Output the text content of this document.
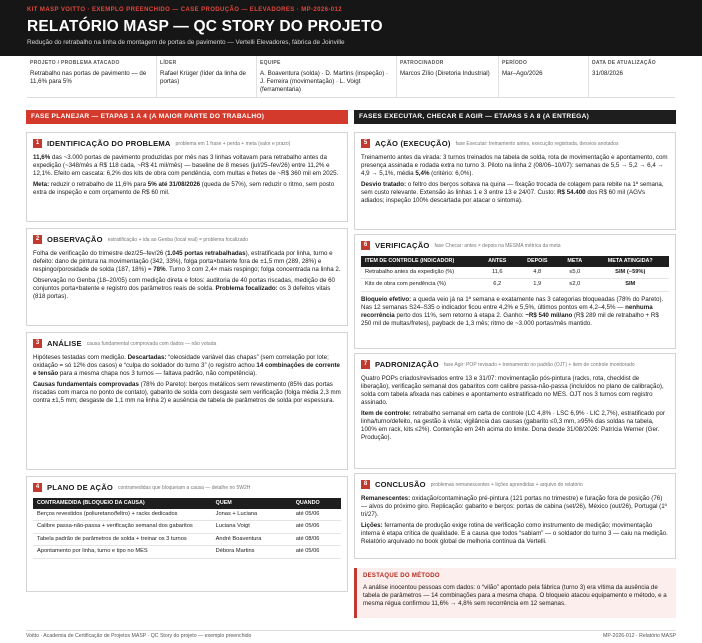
KIT MASP VOITTO · EXEMPLO PREENCHIDO — CASE PRODUÇÃO — ELEVADORES · MP-2026-012
RELATÓRIO MASP — QC STORY DO PROJETO
Redução do retrabalho na linha de montagem de portas de pavimento — Vertelli Elevadores, fábrica de Joinville
PROJETO / PROBLEMA ATACADO
Retrabalho nas portas de pavimento — de 11,6% para 5%
LÍDER
Rafael Krüger (líder da linha de portas)
EQUIPE
A. Boaventura (solda) · D. Martins (inspeção) · J. Ferreira (movimentação) · L. Voigt (ferramentaria)
PATROCINADOR
Marcos Zílio (Diretoria Industrial)
PERÍODO
Mar–Ago/2026
DATA DE ATUALIZAÇÃO
31/08/2026
FASE PLANEJAR — ETAPAS 1 A 4 (A MAIOR PARTE DO TRABALHO)
1	IDENTIFICAÇÃO DO PROBLEMA problema em 1 frase + perda + meta (valor e prazo)

11,6% das ~3.000 portas de pavimento produzidas por mês nas 3 linhas voltavam para retrabalho antes da expedição (~348/mês a R$ 118 cada, ~R$ 41 mil/mês) — baseline de 8 meses (jul/25–fev/26) entre 11,2% e 12,1%. Efeito em cascata: 6,2% dos kits de obra com pendência, com multas e fretes de ~R$ 360 mil em 2025.

Meta: reduzir o retrabalho de 11,6% para 5% até 31/08/2026 (queda de 57%), sem reduzir o ritmo, sem posto extra de inspeção e com orçamento de R$ 60 mil.

2	OBSERVAÇÃO estratificação + ida ao Genba (local real) = problema focalizado

Folha de verificação do trimestre dez/25–fev/26 (1.045 portas retrabalhadas), estratificada por linha, turno e defeito: dano de pintura na movimentação (342, 33%), folga porta×batente fora de ±1,5 mm (289, 28%) e respingo/porosidade de solda (187, 18%) = 78%. Turno 3 com 2,4× mais respingo; folga concentrada na linha 2.

Observação no Genba (18–20/05) com medição direta e fotos: auditoria de 40 portas riscadas, medição de 60 conjuntos porta×batente e registro dos parâmetros reais de solda. Problema focalizado: os 3 defeitos vitais (818 portas).

3	ANÁLISE causa fundamental comprovada com dados — não votada

Hipóteses testadas com medição. Descartadas: “oleosidade variável das chapas” (sem correlação por lote; oxidação = só 12% dos casos) e “culpa do soldador do turno 3” (o registro achou 14 combinações de corrente e tensão para a mesma chapa nos 3 turnos — faltava padrão, não competência).

Causas fundamentais comprovadas (78% do Pareto): berços metálicos sem revestimento (85% das portas riscadas com marca no ponto de contato), gabarito de solda com desgaste sem verificação (folga média 2,3 mm contra ±1,5 mm; desgaste de 1,1 mm na linha 2) e ausência de tabela de parâmetros de solda por espessura.

4	PLANO DE AÇÃO contramedidas que bloqueiam a causa — detalhe no 5W2H
CONTRAMEDIDA (BLOQUEIO DA CAUSA)	QUEM	QUANDO
Berços revestidos (poliuretano/feltro) + racks dedicados	Jonas + Luciana	até 05/06
Calibre passa-não-passa + verificação semanal dos gabaritos	Luciana Voigt	até 05/06
Tabela padrão de parâmetros de solda + treinar os 3 turnos	André Boaventura	até 08/06
Apontamento por linha, turno e tipo no MES	Débora Martins	até 05/06
FASES EXECUTAR, CHECAR E AGIR — ETAPAS 5 A 8 (A ENTREGA)
5	AÇÃO (EXECUÇÃO) fase Executar: treinamento antes, execução registrada, desvios anotados

Treinamento antes da virada: 3 turnos treinados na tabela de solda, rota de movimentação e apontamento, com presença assinada e rodada extra no turno 3. Piloto na linha 2 (08/06–10/07): semanas de 5,5 → 5,2 → 6,4 → 4,9 → 5,1%, média 5,4% (critério: 6,0%).

Desvio tratado: o feltro dos berços soltava na quina — fixação trocada de colagem para rebite na 1ª semana, sem custo relevante. Extensão às linhas 1 e 3 entre 13 e 24/07. Custo: R$ 54.400 dos R$ 60 mil (AGVs adiados; inspeção 100% descartada por atacar o sintoma).

6	VERIFICAÇÃO fase Checar: antes × depois na MESMA métrica da meta
ITEM DE CONTROLE (INDICADOR)	ANTES	DEPOIS	META	META ATINGIDA?
Retrabalho antes da expedição (%)	11,6	4,8	≤5,0	SIM (−59%)
Kits de obra com pendência (%)	6,2	1,9	≤2,0	SIM

Bloqueio efetivo: a queda veio já na 1ª semana e exatamente nas 3 categorias bloqueadas (78% do Pareto). Nas 12 semanas S24–S35 o indicador ficou entre 4,2% e 5,5%, últimos pontos em 4,2–4,5% — nenhuma recorrência perto dos 11%, sem retorno à etapa 2. Ganho: ~R$ 540 mil/ano (R$ 289 mil de retrabalho + R$ 250 mil de multas/fretes), payback de 1,3 mês; ritmo de ~3.000 portas/mês mantido.

7	PADRONIZAÇÃO fase Agir: POP revisado + treinamento no padrão (OJT) + item de controle monitorado

Quatro POPs criados/revisados entre 13 e 31/07: movimentação pós-pintura (racks, rota, checklist de liberação), verificação semanal dos gabaritos com calibre passa-não-passa (incluídos no plano de calibração), solda com tabela afixada nas cabines e apontamento estratificado no MES. OJT nos 3 turnos com registro assinado.

Item de controle: retrabalho semanal em carta de controle (LC 4,8% · LSC 6,9% · LIC 2,7%), estratificado por linha/turno/defeito, na gestão à vista; vigilância das causas (gabarito ≤0,3 mm, ≥95% das soldas na tabela, 100% em rack, kits ≤2%). Contenção em 24h acima do limite. Dona desde 31/08/2026: Patrícia Werner (Ger. Produção).

8	CONCLUSÃO problemas remanescentes + lições aprendidas + arquivo do relatório

Remanescentes: oxidação/contaminação pré-pintura (121 portas no trimestre) e furação fora de posição (76) — alvos do próximo giro. Replicação: gabarito e berços: portas de cabina (set/26), México (out/26), Portugal (1º tri/27).

Lições: ferramenta de produção exige rotina de verificação como instrumento de medição; movimentação interna é etapa crítica de qualidade. E a causa que todos “sabiam” — o soldador do turno 3 — caiu na medição. Relatório arquivado no book global de melhoria contínua da Vertelli.

DESTAQUE DO MÉTODO
A análise inocentou pessoas com dados: o “vilão” apontado pela fábrica (turno 3) era vítima da ausência de tabela de parâmetros — 14 combinações para a mesma chapa. O bloqueio atacou equipamento e método, e a mesma régua confirmou 11,6% → 4,8% sem recorrência em 12 semanas.
Voitto · Academia de Certificação de Projetos MASP · QC Story do projeto — exemplo preenchido	MP-2026-012 · Relatório MASP
